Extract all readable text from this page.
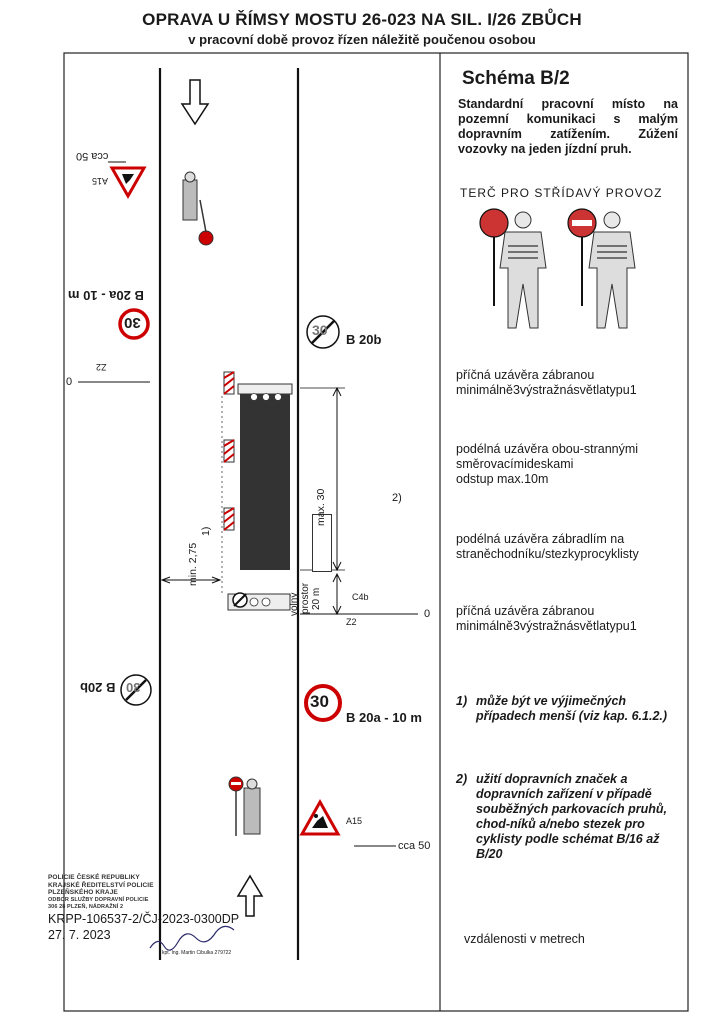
OPRAVA U ŘÍMSY MOSTU 26-023 NA SIL. I/26 ZBŮCH
v pracovní době provoz řízen náležitě poučenou osobou
B 20b
30
B 20b 30
30
B 20a - 10 m
30
B 20a - 10 m
cca 50
A15
A15
cca 50
0
Z2
0
Z2
C4b
max. 30	2)
min. 2,75
1)
volný prostor 20 m
Schéma B/2
Standardní pracovní místo na pozemní komunikaci s malým dopravním zatížením. Zúžení vozovky na jeden jízdní pruh.
TERČ PRO STŘÍDAVÝ PROVOZ
příčná uzávěra zábranou
minimálně3výstražnásvětlatypu1
podélná uzávěra obou-strannými
směrovacímideskami
odstup max.10m
podélná uzávěra zábradlím na
straněchodníku/stezkyprocyklisty
příčná uzávěra zábranou
minimálně3výstražnásvětlatypu1
1) může být ve výjimečných případech menší (viz kap. 6.1.2.)
2) užití dopravních značek a dopravních zařízení v případě souběžných parkovacích pruhů, chod-níků a/nebo stezek pro cyklisty podle schémat B/16 až B/20
vzdálenosti v metrech
POLICIE ČESKÉ REPUBLIKY
KRAJSKÉ ŘEDITELSTVÍ POLICIE
PLZEŇSKÉHO KRAJE
ODBOR SLUŽBY DOPRAVNÍ POLICIE
306 28 PLZEŇ, NÁDRAŽNÍ 2
KRPP-106537-2/ČJ-2023-0300DP
27. 7. 2023
kpt. Ing. Martin Cibulka 279722
